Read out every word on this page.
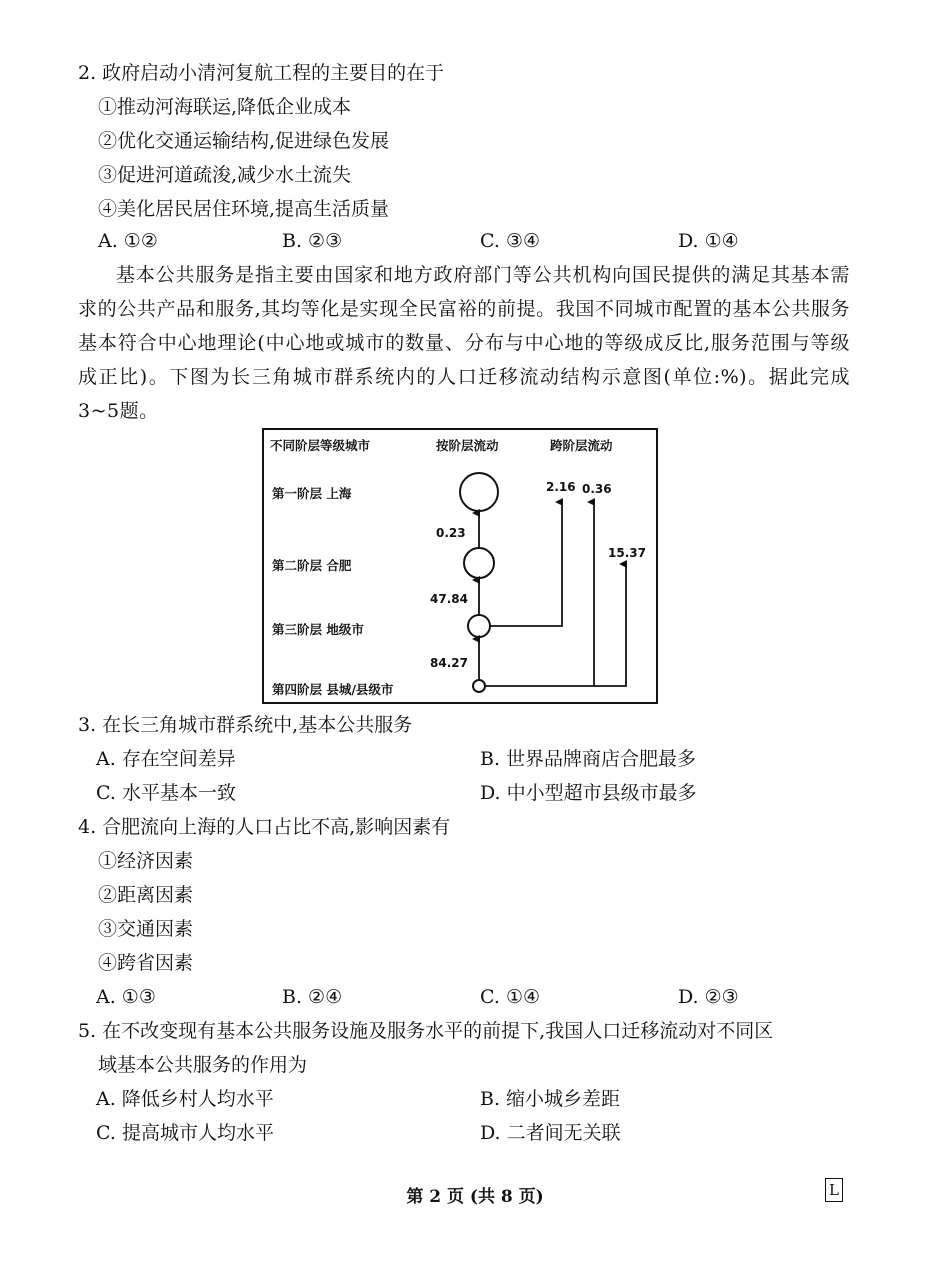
2. 政府启动小清河复航工程的主要目的在于
①推动河海联运,降低企业成本
②优化交通运输结构,促进绿色发展
③促进河道疏浚,减少水土流失
④美化居民居住环境,提高生活质量
A. ①②	B. ②③	C. ③④	D. ①④
基本公共服务是指主要由国家和地方政府部门等公共机构向国民提供的满足其基本需求的公共产品和服务,其均等化是实现全民富裕的前提。我国不同城市配置的基本公共服务基本符合中心地理论(中心地或城市的数量、分布与中心地的等级成反比,服务范围与等级成正比)。下图为长三角城市群系统内的人口迁移流动结构示意图(单位:%)。据此完成3~5题。
不同阶层等级城市	按阶层流动	跨阶层流动
第一阶层 上海
第二阶层 合肥
第三阶层 地级市
第四阶层 县城/县级市
0.23
47.84
84.27
2.16 0.36
15.37
3. 在长三角城市群系统中,基本公共服务
A. 存在空间差异	B. 世界品牌商店合肥最多
C. 水平基本一致	D. 中小型超市县级市最多
4. 合肥流向上海的人口占比不高,影响因素有
①经济因素
②距离因素
③交通因素
④跨省因素
A. ①③	B. ②④	C. ①④	D. ②③
5. 在不改变现有基本公共服务设施及服务水平的前提下,我国人口迁移流动对不同区
域基本公共服务的作用为
A. 降低乡村人均水平	B. 缩小城乡差距
C. 提高城市人均水平	D. 二者间无关联
第 2 页 (共 8 页)	L
